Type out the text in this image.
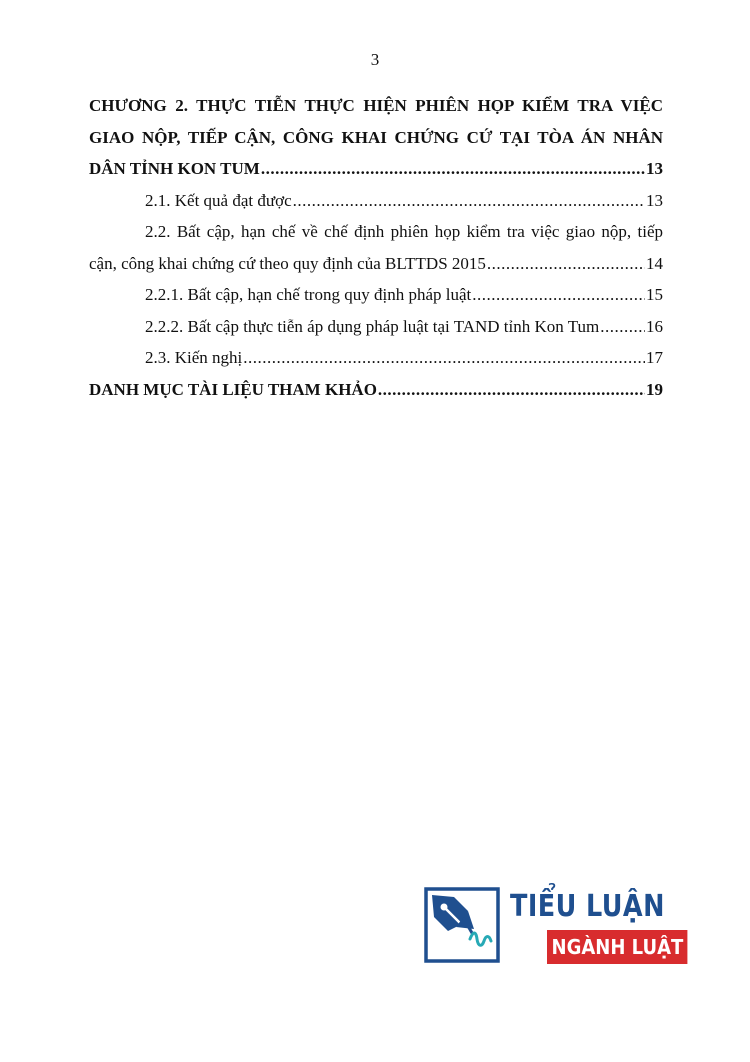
3
CHƯƠNG 2. THỰC TIỄN THỰC HIỆN PHIÊN HỌP KIỂM TRA VIỆC GIAO NỘP, TIẾP CẬN, CÔNG KHAI CHỨNG CỨ TẠI TÒA ÁN NHÂN
DÂN TỈNH KON TUM .....	13
2.1. Kết quả đạt được .....	13
2.2. Bất cập, hạn chế về chế định phiên họp kiểm tra việc giao nộp, tiếp
cận, công khai chứng cứ theo quy định của BLTTDS 2015 .....	14
2.2.1. Bất cập, hạn chế trong quy định pháp luật .....	15
2.2.2. Bất cập thực tiễn áp dụng pháp luật tại TAND tỉnh Kon Tum .....	16
2.3. Kiến nghị .....	17
DANH MỤC TÀI LIỆU THAM KHẢO .....	19
TIỂU LUẬN
NGÀNH LUẬT
